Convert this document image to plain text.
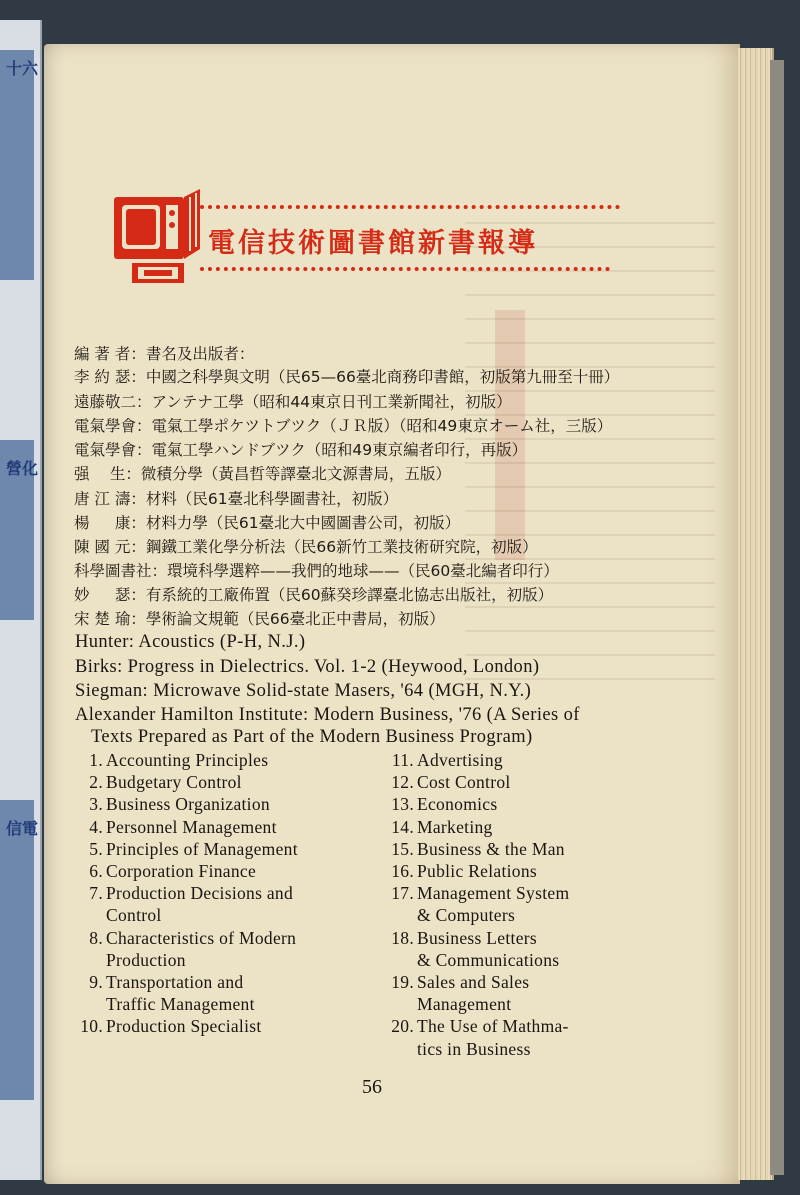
十六
營化
信電
電信技術圖書館新書報導
編 著 者：書名及出版者：
李 約 瑟：中國之科學與文明（民65—66臺北商務印書館，初版第九冊至十冊）
遠藤敬二：アンテナ工學（昭和44東京日刊工業新聞社，初版）
電氣學會：電氣工學ポケツトブツク（ＪＲ版）（昭和49東京オーム社，三版）
電氣學會：電氣工學ハンドブツク（昭和49東京編者印行，再版）
强　 生：微積分學（黃昌哲等譯臺北文源書局，五版）
唐 江 濤：材料（民61臺北科學圖書社，初版）
楊 　 康：材料力學（民61臺北大中國圖書公司，初版）
陳 國 元：鋼鐵工業化學分析法（民66新竹工業技術研究院，初版）
科學圖書社：環境科學選粹——我們的地球——（民60臺北編者印行）
妙 　 瑟：有系統的工廠佈置（民60蘇癸珍譯臺北協志出版社，初版）
宋 楚 瑜：學術論文規範（民66臺北正中書局，初版）
Hunter: Acoustics (P-H, N.J.)
Birks: Progress in Dielectrics. Vol. 1-2 (Heywood, London)
Siegman: Microwave Solid-state Masers, '64 (MGH, N.Y.)
Alexander Hamilton Institute: Modern Business, '76 (A Series of
Texts Prepared as Part of the Modern Business Program)
1. Accounting Principles
2. Budgetary Control
3. Business Organization
4. Personnel Management
5. Principles of Management
6. Corporation Finance
7. Production Decisions and
Control
8. Characteristics of Modern
Production
9. Transportation and
Traffic Management
10. Production Specialist
11. Advertising
12. Cost Control
13. Economics
14. Marketing
15. Business & the Man
16. Public Relations
17. Management System
& Computers
18. Business Letters
& Communications
19. Sales and Sales
Management
20. The Use of Mathma-
tics in Business
56
